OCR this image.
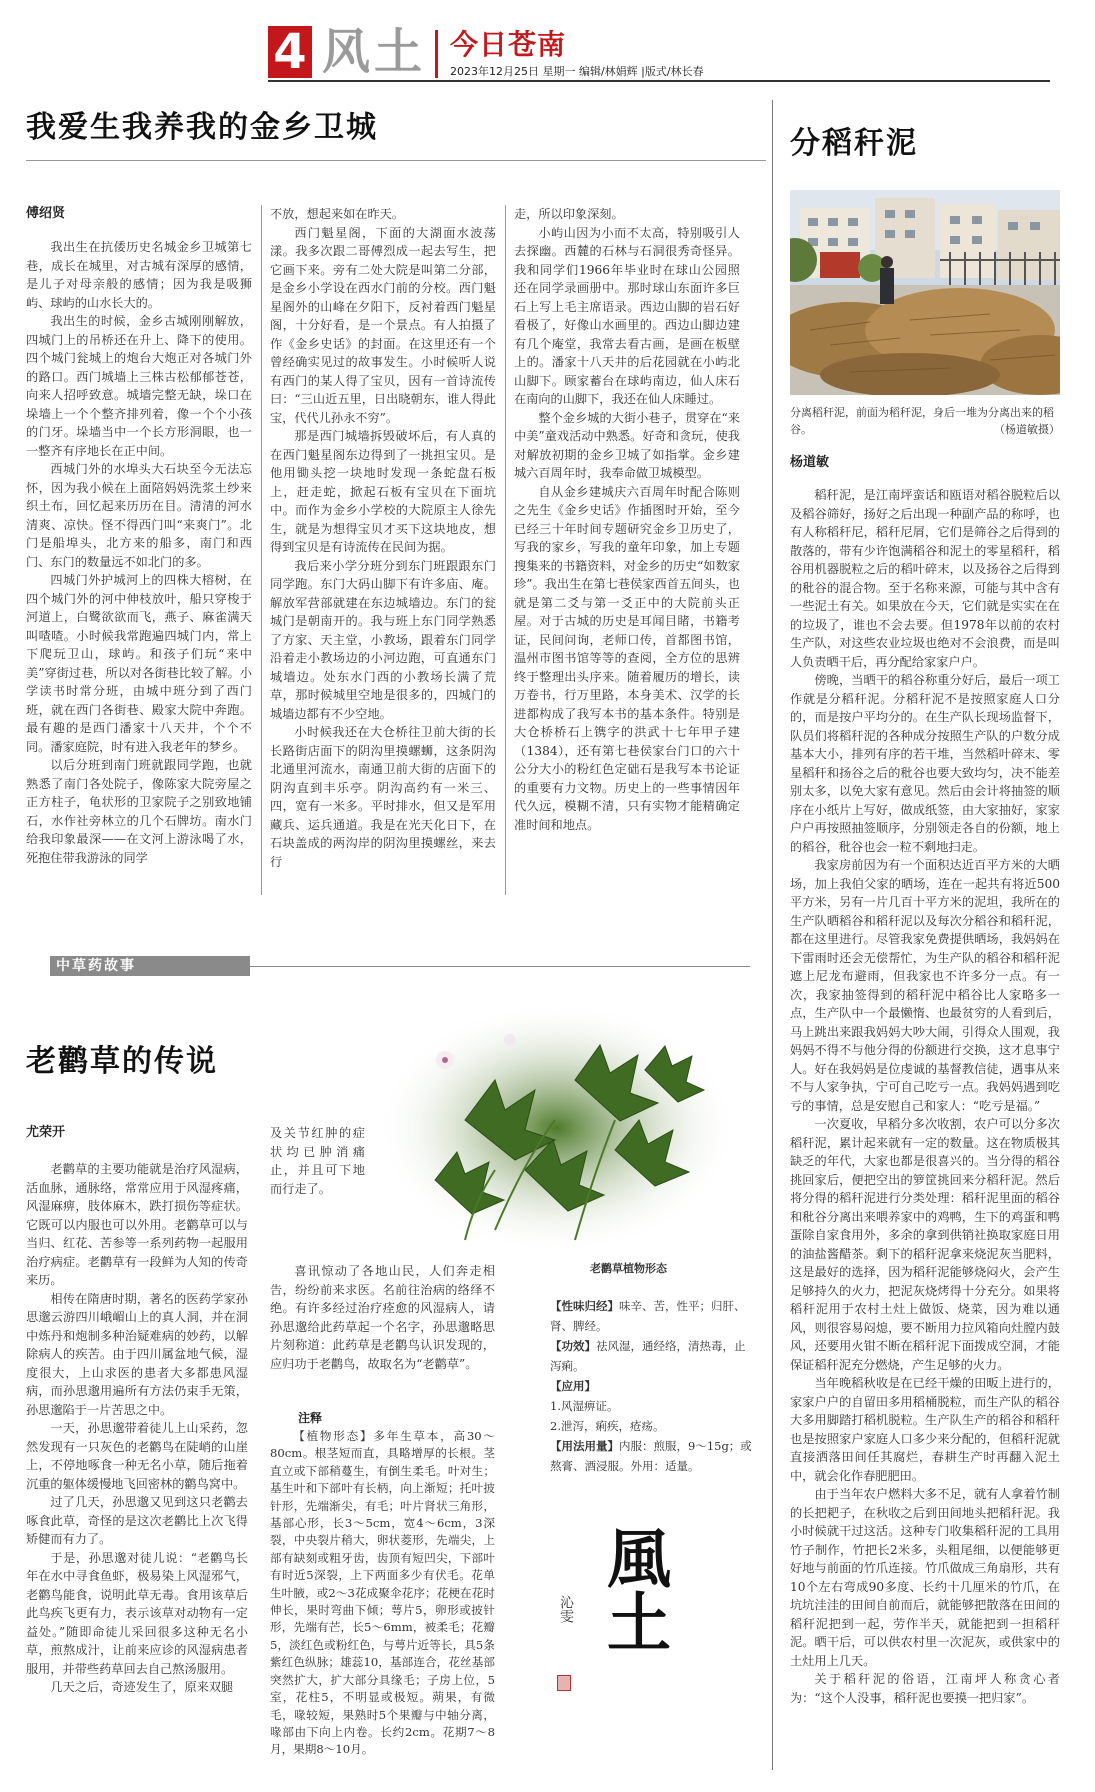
4 风土 今日苍南
2023年12月25日 星期一 编辑/林娟辉 |版式/林长春
我爱生我养我的金乡卫城
傅绍贤

我出生在抗倭历史名城金乡卫城第七巷，成长在城里，对古城有深厚的感情，是儿子对母亲般的感情；因为我是吸狮屿、球屿的山水长大的。

我出生的时候，金乡古城刚刚解放，四城门上的吊桥还在升上、降下的使用。四个城门瓮城上的炮台大炮正对各城门外的路口。西门城墙上三株古松郁郁苍苍，向来人招呼致意。城墙完整无缺，垛口在垛墙上一个个整齐排列着，像一个个小孩的门牙。垛墙当中一个长方形洞眼，也一一整齐有序地长在正中间。

西城门外的水埠头大石块至今无法忘怀，因为我小候在上面陪妈妈洗浆土纱来织土布，回忆起来历历在目。清清的河水清爽、凉快。怪不得西门叫“来爽门”。北门是船埠头，北方来的船多，南门和西门、东门的数量远不如北门的多。

四城门外护城河上的四株大榕树，在四个城门外的河中伸枝放叶，船只穿梭于河道上，白鹭欲欲而飞，燕子、麻雀满天叫喳喳。小时候我常跑遍四城门内，常上下爬玩卫山，球屿。和孩子们玩“来中美”穿街过巷，所以对各街巷比较了解。小学读书时常分班，由城中班分到了西门班，就在西门各街巷、殿家大院中奔跑。最有趣的是西门潘家十八天井，个个不同。潘家庭院，时有进入我老年的梦乡。

以后分班到南门班就跟同学跑，也就熟悉了南门各处院子，像陈家大院旁屋之正方柱子，龟状形的卫家院子之别致地铺石，水作社旁林立的几个石牌坊。南水门给我印象最深——在文河上游泳喝了水，死抱住带我游泳的同学

不放，想起来如在昨天。

西门魁星阁，下面的大湖面水波荡漾。我多次跟二哥傅烈成一起去写生，把它画下来。旁有二处大院是叫第二分部，是金乡小学设在西水门前的分校。西门魁星阁外的山峰在夕阳下，反衬着西门魁星阁，十分好看，是一个景点。有人拍摄了作《金乡史话》的封面。在这里还有一个曾经确实见过的故事发生。小时候听人说有西门的某人得了宝贝，因有一首诗流传曰：“三山近五里，日出晓朝东，谁人得此宝，代代儿孙永不穷”。

那是西门城墙拆毁破坏后，有人真的在西门魁星阁东边得到了一挑担宝贝。是他用锄头挖一块地时发现一条蛇盘石板上，赶走蛇，掀起石板有宝贝在下面坑中。而作为金乡小学校的大院原主人徐先生，就是为想得宝贝才买下这块地皮，想得到宝贝是有诗流传在民间为据。

我后来小学分班分到东门班跟跟东门同学跑。东门大码山脚下有许多庙、庵。解放军营部就建在东边城墙边。东门的瓮城门是朝南开的。我与班上东门同学熟悉了方家、天主堂，小教场，跟着东门同学沿着走小教场边的小河边跑，可直通东门城墙边。处东水门西的小教场长满了荒草，那时候城里空地是很多的，四城门的城墙边都有不少空地。

小时候我还在大仓桥往卫前大街的长长路街店面下的阴沟里摸螺蛳，这条阴沟北通里河流水，南通卫前大街的店面下的阴沟直到丰乐亭。阴沟高约有一米三、四，宽有一米多。平时排水，但又是军用藏兵、运兵通道。我是在光天化日下，在石块盖成的两沟岸的阴沟里摸螺丝，来去行

走，所以印象深刻。

小屿山因为小而不太高，特别吸引人去探幽。西麓的石林与石洞很秀奇怪异。我和同学们1966年毕业时在球山公园照还在同学录画册中。那时球山东面许多巨石上写上毛主席语录。西边山脚的岩石好看极了，好像山水画里的。西边山脚边建有几个庵堂，我常去看古画，是画在板壁上的。潘家十八天井的后花园就在小屿北山脚下。顾家蓄台在球屿南边，仙人床石在南向的山脚下，我还在仙人床睡过。

整个金乡城的大街小巷子，贯穿在“来中美”童戏活动中熟悉。好奇和贪玩，使我对解放初期的金乡卫城了如指掌。金乡建城六百周年时，我奉命做卫城模型。

自从金乡建城庆六百周年时配合陈则之先生《金乡史话》作插图时开始，至今已经三十年时间专题研究金乡卫历史了，写我的家乡，写我的童年印象，加上专题搜集来的书籍资料，对金乡的历史“如数家珍”。我出生在第七巷侯家西首五间头，也就是第二爻与第一爻正中的大院前头正屋。对于古城的历史是耳闻目睹，书籍考证，民间问询，老师口传，首都图书馆，温州市图书馆等等的查阅，全方位的思辨终于整理出头序来。随着履历的增长，读万卷书，行万里路，本身美术、汉学的长进都构成了我写本书的基本条件。特别是大仓桥桥石上镌字的洪武十七年甲子建（1384），还有第七巷侯家台门口的六十公分大小的粉红色定础石是我写本书论证的重要有力文物。历史上的一些事情因年代久远，模糊不清，只有实物才能精确定准时间和地点。

分稻秆泥
分离稻秆泥，前面为稻秆泥，身后一堆为分离出来的稻谷。	（杨道敏摄）
杨道敏

稻秆泥，是江南坪蛮话和瓯语对稻谷脱粒后以及稻谷筛好，扬好之后出现一种副产品的称呼，也有人称稻秆尼，稻秆尼屑，它们是筛谷之后得到的散落的，带有少许饱满稻谷和泥土的零星稻秆，稻谷用机器脱粒之后的稻叶碎末，以及扬谷之后得到的秕谷的混合物。至于名称来源，可能与其中含有一些泥土有关。如果放在今天，它们就是实实在在的垃圾了，谁也不会去要。但1978年以前的农村生产队，对这些农业垃圾也绝对不会浪费，而是叫人负责晒干后，再分配给家家户户。

傍晚，当晒干的稻谷称重分好后，最后一项工作就是分稻秆泥。分稻秆泥不是按照家庭人口分的，而是按户平均分的。在生产队长现场监督下，队员们将稻秆泥的各种成分按照生产队的户数分成基本大小，排列有序的若干堆，当然稻叶碎末、零星稻秆和扬谷之后的秕谷也要大致均匀，决不能差别太多，以免大家有意见。然后由会计将抽签的顺序在小纸片上写好，做成纸签，由大家抽好，家家户户再按照抽签顺序，分别领走各自的份额，地上的稻谷，秕谷也会一粒不剩地扫走。

我家房前因为有一个面积达近百平方米的大晒场，加上我伯父家的晒场，连在一起共有将近500平方米，另有一片几百十平方米的泥坦，我所在的生产队晒稻谷和稻秆泥以及每次分稻谷和稻秆泥，都在这里进行。尽管我家免费提供晒场，我妈妈在下雷雨时还会无偿帮忙，为生产队的稻谷和稻秆泥遮上尼龙布避雨，但我家也不许多分一点。有一次，我家抽签得到的稻秆泥中稻谷比人家略多一点，生产队中一个最懒惰、也最贫穷的人看到后，马上跳出来跟我妈妈大吵大闹，引得众人围观，我妈妈不得不与他分得的份额进行交换，这才息事宁人。好在我妈妈是位虔诚的基督教信徒，遇事从来不与人家争执，宁可自己吃亏一点。我妈妈遇到吃亏的事情，总是安慰自己和家人：“吃亏是福。”

一次夏收，早稻分多次收割，农户可以分多次稻秆泥，累计起来就有一定的数量。这在物质极其缺乏的年代，大家也都是很喜兴的。当分得的稻谷挑回家后，便把空出的箩筐挑回来分稻秆泥。然后将分得的稻秆泥进行分类处理：稻秆泥里面的稻谷和秕谷分离出来喂养家中的鸡鸭，生下的鸡蛋和鸭蛋除自家食用外，多余的拿到供销社换取家庭日用的油盐酱醋茶。剩下的稻秆泥拿来烧泥灰当肥料，这是最好的选择，因为稻秆泥能够烧闷火，会产生足够持久的火力，把泥灰烧烤得十分充分。如果将稻秆泥用于农村土灶上做饭、烧菜，因为难以通风，则很容易闷熄，要不断用力拉风箱向灶膛内鼓风，还要用火钳不断在稻秆泥下面拨成空洞，才能保证稻秆泥充分燃烧，产生足够的火力。

当年晚稻秋收是在已经干燥的田畈上进行的，家家户户的自留田多用稻桶脱粒，而生产队的稻谷大多用脚踏打稻机脱粒。生产队生产的稻谷和稻秆也是按照家户家庭人口多少来分配的，但稻秆泥就直接洒落田间任其腐烂，春耕生产时再翻入泥土中，就会化作春肥肥田。

由于当年农户燃料大多不足，就有人拿着竹制的长把耙子，在秋收之后到田间地头把稻秆泥。我小时候就干过这活。这种专门收集稻秆泥的工具用竹子制作，竹把长2米多，头粗尾细，以便能够更好地与前面的竹爪连接。竹爪做成三角扇形，共有10个左右弯成90多度、长约十几厘米的竹爪，在坑坑洼洼的田间自前而后，就能够把散落在田间的稻秆泥把到一起，劳作半天，就能把到一担稻秆泥。晒干后，可以供农村里一次泥灰，或供家中的土灶用上几天。

关于稻秆泥的俗语，江南坪人称贪心者为：“这个人没事，稻秆泥也要摸一把归家”。

中草药故事
老鹳草的传说
尤荣开

老鹳草的主要功能就是治疗风湿病，活血脉，通脉络，常常应用于风湿疼痛，风湿麻痹，肢体麻木，跌打损伤等症状。它既可以内服也可以外用。老鹳草可以与当归、红花、苦参等一系列药物一起服用治疗病症。老鹳草有一段鲜为人知的传奇来历。

相传在隋唐时期，著名的医药学家孙思邈云游四川峨嵋山上的真人洞，并在洞中炼丹和炮制多种治疑难病的妙药，以解除病人的疾苦。由于四川属盆地气候，湿度很大，上山求医的患者大多都患风湿病，而孙思邈用遍所有方法仍束手无策，孙思邈陷于一片苦思之中。

一天，孙思邈带着徒儿上山采药，忽然发现有一只灰色的老鹳鸟在陡峭的山崖上，不停地啄食一种无名小草，随后拖着沉重的躯体缓慢地飞回密林的鹳鸟窝中。

过了几天，孙思邈又见到这只老鹳去啄食此草，奇怪的是这次老鹳比上次飞得矫健而有力了。

于是，孙思邈对徒儿说：“老鹳鸟长年在水中寻食鱼虾，极易染上风湿邪气，老鹳鸟能食，说明此草无毒。食用该草后此鸟疾飞更有力，表示该草对动物有一定益处。”随即命徒儿采回很多这种无名小草，煎熬成汁，让前来应诊的风湿病患者服用，并带些药草回去自己熬汤服用。

几天之后，奇迹发生了，原来双腿

及关节红肿的症状均已肿消痛止，并且可下地而行走了。

喜讯惊动了各地山民，人们奔走相告，纷纷前来求医。名前往治病的络绎不绝。有许多经过治疗痊愈的风湿病人，请孙思邈给此药草起一个名字，孙思邈略思片刻称道：此药草是老鹳鸟认识发现的，应归功于老鹳鸟，故取名为“老鹳草”。

老鹳草植物形态
注释

【植物形态】多年生草本，高30～80cm。根茎短而直，具略增厚的长根。茎直立或下部稍蔓生，有倒生柔毛。叶对生；基生叶和下部叶有长柄，向上渐短；托叶披针形，先端渐尖，有毛；叶片肾状三角形，基部心形，长3～5cm，宽4～6cm，3深裂，中央裂片稍大，卵状菱形，先端尖，上部有缺刻或粗牙齿，齿顶有短凹尖，下部叶有时近5深裂，上下两面多少有伏毛。花单生叶腋，或2～3花成聚伞花序；花梗在花时伸长，果时弯曲下倾；萼片5，卵形或披针形，先端有芒，长5～6mm，被柔毛；花瓣5，淡红色或粉红色，与萼片近等长，具5条紫红色纵脉；雄蕊10，基部连合，花丝基部突然扩大，扩大部分具缘毛；子房上位，5室，花柱5，不明显或极短。蒴果，有微毛，喙较短，果熟时5个果瓣与中轴分离，喙部由下向上内卷。长约2cm。花期7～8月，果期8～10月。

【性味归经】味辛、苦，性平；归肝、肾、脾经。

【功效】祛风湿，通经络，清热毒，止泻痢。

【应用】

1.风湿痹证。

2.泄泻，痢疾，疮疡。

【用法用量】内服：煎服，9～15g；或熬膏、酒浸服。外用：适量。

風土
沁雯
